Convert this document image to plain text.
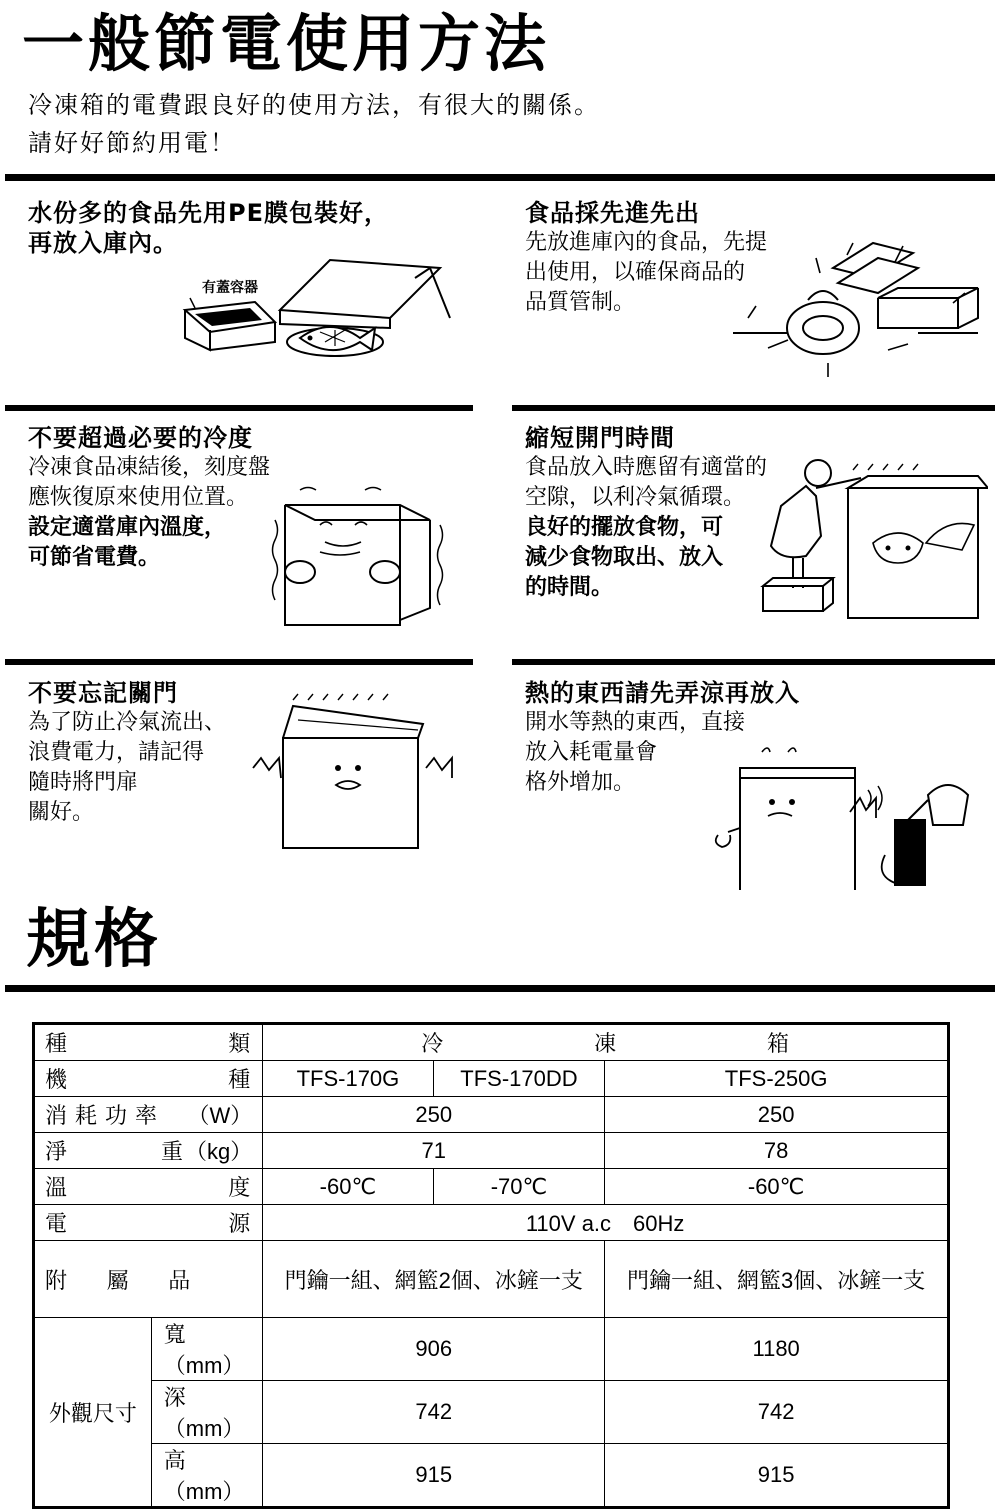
一般節電使用方法
冷凍箱的電費跟良好的使用方法，有很大的關係。
請好好節約用電！
水份多的食品先用PE膜包裝好，
再放入庫內。
有蓋容器
食品採先進先出

先放進庫內的食品，先提

出使用，以確保商品的

品質管制。

不要超過必要的冷度

冷凍食品凍結後，刻度盤

應恢復原來使用位置。

設定適當庫內溫度，

可節省電費。

縮短開門時間

食品放入時應留有適當的

空隙，以利冷氣循環。

良好的擺放食物，可

減少食物取出、放入

的時間。

不要忘記關門

為了防止冷氣流出、

浪費電力，請記得

隨時將門扉

關好。

熱的東西請先弄涼再放入

開水等熱的東西，直接

放入耗電量會

格外增加。

規格
種 類		冷 凍 箱		

機 種		TFS-170G	TFS-170DD	TFS-250G

消耗功率 （W）		250		250

淨 重 （kg）		71		78
溫 度		-60℃	-70℃	-60℃
電 源		110V a.c　60Hz		
附 屬 品		門鑰一組、網籃2個、冰鏟一支		門鑰一組、網籃3個、冰鏟一支
外觀尺寸	寬（mm）	906		1180
	深（mm）	742		742
	高（mm）	915		915
